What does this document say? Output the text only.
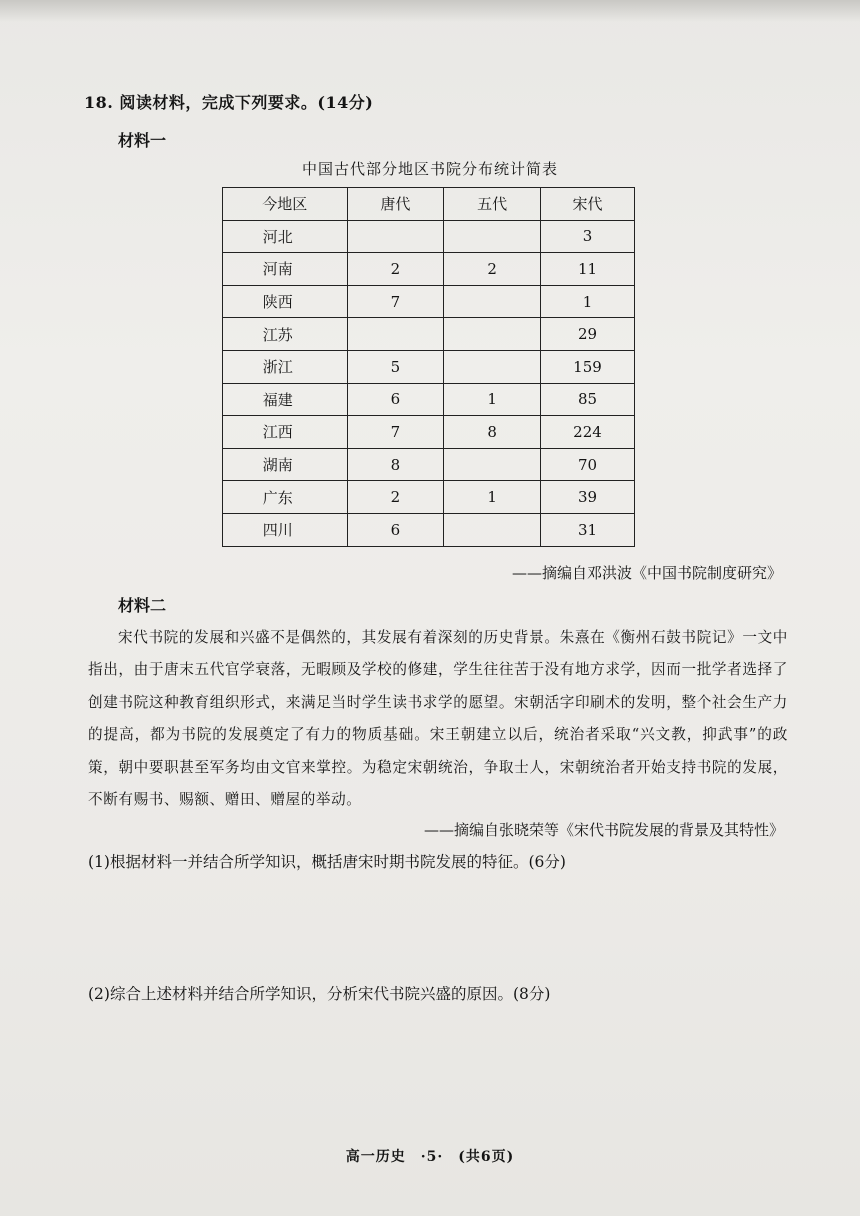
18. 阅读材料，完成下列要求。(14分)
材料一
中国古代部分地区书院分布统计简表
今地区	唐代	五代	宋代
河北			3
河南	2	2	11
陕西	7		1
江苏			29
浙江	5		159
福建	6	1	85
江西	7	8	224
湖南	8		70
广东	2	1	39
四川	6		31
——摘编自邓洪波《中国书院制度研究》
材料二
宋代书院的发展和兴盛不是偶然的，其发展有着深刻的历史背景。朱熹在《衡州石鼓书院记》一文中指出，由于唐末五代官学衰落，无暇顾及学校的修建，学生往往苦于没有地方求学，因而一批学者选择了创建书院这种教育组织形式，来满足当时学生读书求学的愿望。宋朝活字印刷术的发明，整个社会生产力的提高，都为书院的发展奠定了有力的物质基础。宋王朝建立以后，统治者采取“兴文教，抑武事”的政策，朝中要职甚至军务均由文官来掌控。为稳定宋朝统治，争取士人，宋朝统治者开始支持书院的发展，不断有赐书、赐额、赠田、赠屋的举动。
——摘编自张晓荣等《宋代书院发展的背景及其特性》
(1)根据材料一并结合所学知识，概括唐宋时期书院发展的特征。(6分)
(2)综合上述材料并结合所学知识，分析宋代书院兴盛的原因。(8分)
高一历史　·5·　(共6页)
